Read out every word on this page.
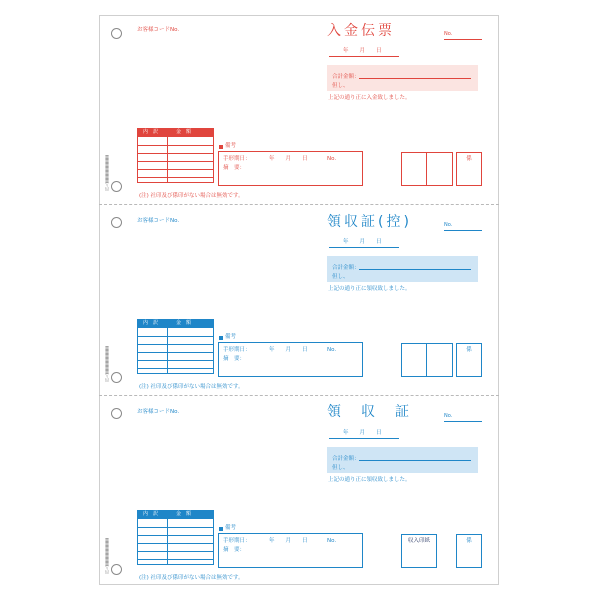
四入〓〓〓〓〓〓〓
四入〓〓〓〓〓〓〓
四入〓〓〓〓〓〓〓
お客様コードNo.	入金伝票	No.
年　　月　　日
合計金額：
但し、
上記の通り正に入金致しました。
内　訳	金　額
備考
手形期日：	年　　月　　日	No.
摘　要：
係
(注) 社印及び係印がない場合は無効です。
お客様コードNo.	領収証(控)	No.
年　　月　　日
合計金額：
但し、
上記の通り正に領収致しました。
内　訳	金　額
備考
手形期日：	年　　月　　日	No.
摘　要：
係
(注) 社印及び係印がない場合は無効です。
お客様コードNo.	領　収　証	No.
年　　月　　日
合計金額：
但し、
上記の通り正に領収致しました。
内　訳	金　額
備考
手形期日：	年　　月　　日	No.
摘　要：
収入印紙	係
(注) 社印及び係印がない場合は無効です。
